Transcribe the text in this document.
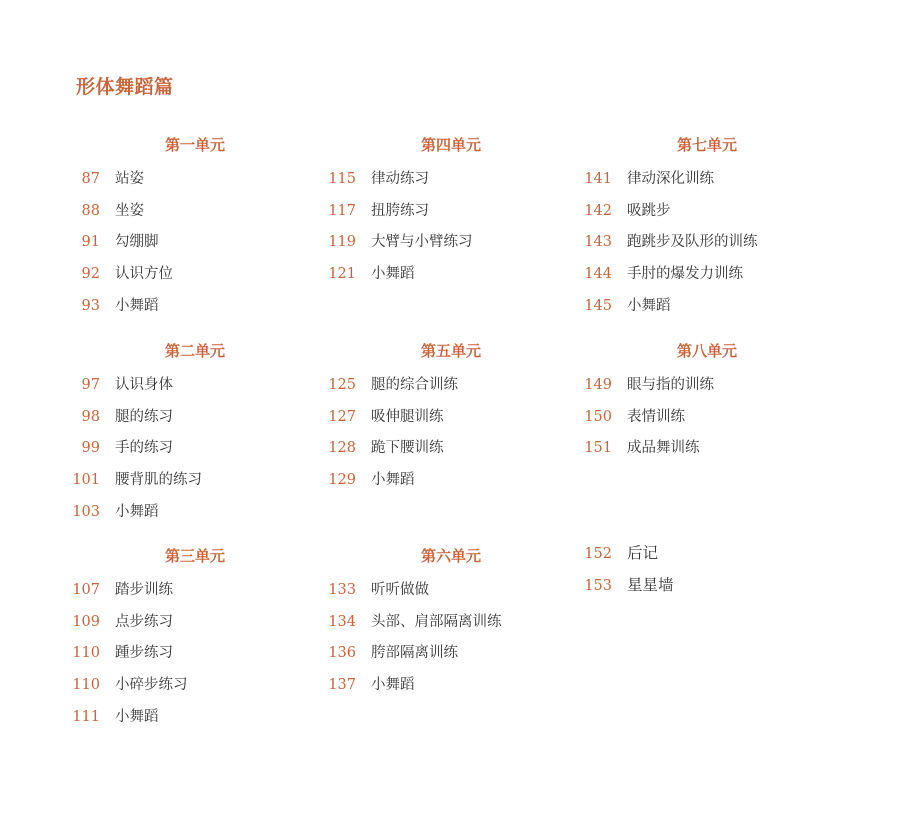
形体舞蹈篇
第一单元
87 站姿
88 坐姿
91 勾绷脚
92 认识方位
93 小舞蹈
第二单元
97 认识身体
98 腿的练习
99 手的练习
101 腰背肌的练习
103 小舞蹈
第三单元
107 踏步训练
109 点步练习
110 踵步练习
110 小碎步练习
111 小舞蹈
第四单元
115 律动练习
117 扭胯练习
119 大臂与小臂练习
121 小舞蹈
第五单元
125 腿的综合训练
127 吸伸腿训练
128 跪下腰训练
129 小舞蹈
第六单元
133 听听做做
134 头部、肩部隔离训练
136 胯部隔离训练
137 小舞蹈
第七单元
141 律动深化训练
142 吸跳步
143 跑跳步及队形的训练
144 手肘的爆发力训练
145 小舞蹈
第八单元
149 眼与指的训练
150 表情训练
151 成品舞训练
152 后记
153 星星墙
